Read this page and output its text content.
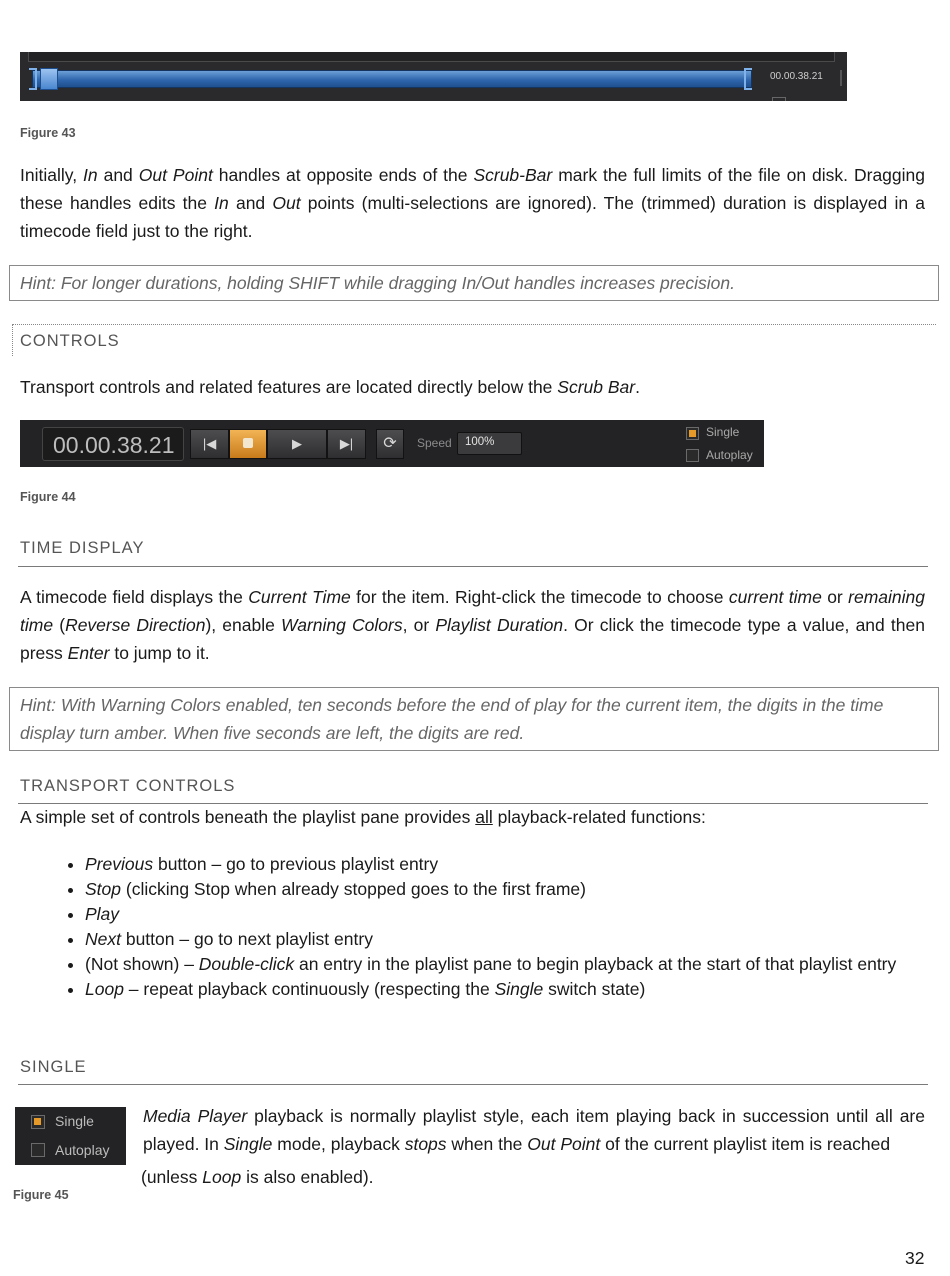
00.00.38.21
Figure 43
Initially, In and Out Point handles at opposite ends of the Scrub-Bar mark the full limits of the file on disk. Dragging these handles edits the In and Out points (multi-selections are ignored). The (trimmed) duration is displayed in a timecode field just to the right.
Hint: For longer durations, holding SHIFT while dragging In/Out handles increases precision.
CONTROLS
Transport controls and related features are located directly below the Scrub Bar.
00.00.38.21	|◀	▶	▶|	⟳	Speed 100%
Single
Autoplay
Figure 44
TIME DISPLAY
A timecode field displays the Current Time for the item. Right-click the timecode to choose current time or remaining time (Reverse Direction), enable Warning Colors, or Playlist Duration. Or click the timecode type a value, and then press Enter to jump to it.
Hint: With Warning Colors enabled, ten seconds before the end of play for the current item, the digits in the time display turn amber. When five seconds are left, the digits are red.
TRANSPORT CONTROLS
A simple set of controls beneath the playlist pane provides all playback-related functions:
• Previous button – go to previous playlist entry
• Stop (clicking Stop when already stopped goes to the first frame)
• Play
• Next button – go to next playlist entry
• (Not shown) – Double-click an entry in the playlist pane to begin playback at the start of that playlist entry
• Loop – repeat playback continuously (respecting the Single switch state)
SINGLE
Single
Autoplay
Figure 45
Media Player playback is normally playlist style, each item playing back in succession until all are played. In Single mode, playback stops when the Out Point of the current playlist item is reached
(unless Loop is also enabled).
32
